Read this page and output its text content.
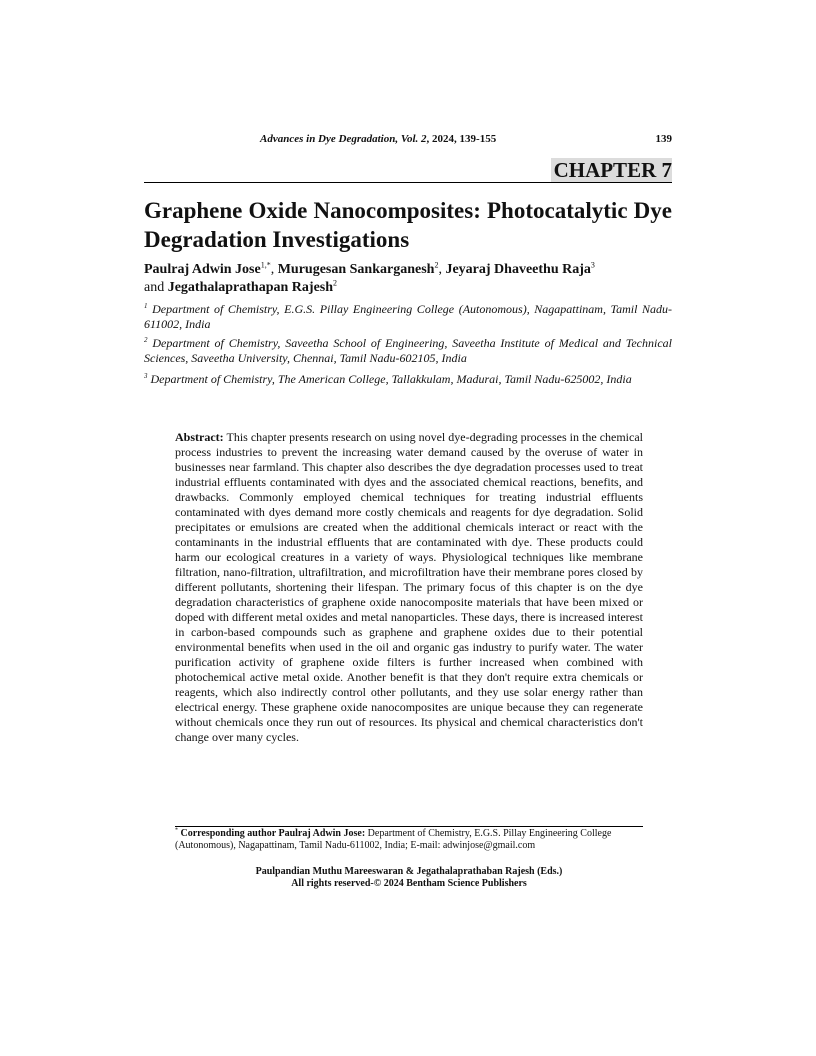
Advances in Dye Degradation, Vol. 2, 2024, 139-155	139
CHAPTER 7
Graphene Oxide Nanocomposites: Photocatalytic Dye Degradation Investigations
Paulraj Adwin Jose$^{1,*}$, Murugesan Sankarganesh$^2$, Jeyaraj Dhaveethu Raja$^3$
and Jegathalaprathapan Rajesh$^2$
$^1$ Department of Chemistry, E.G.S. Pillay Engineering College (Autonomous), Nagapattinam, Tamil Nadu-611002, India
$^2$ Department of Chemistry, Saveetha School of Engineering, Saveetha Institute of Medical and Technical Sciences, Saveetha University, Chennai, Tamil Nadu-602105, India
$^3$ Department of Chemistry, The American College, Tallakkulam, Madurai, Tamil Nadu-625002, India
Abstract: This chapter presents research on using novel dye-degrading processes in the chemical process industries to prevent the increasing water demand caused by the overuse of water in businesses near farmland. This chapter also describes the dye degradation processes used to treat industrial effluents contaminated with dyes and the associated chemical reactions, benefits, and drawbacks. Commonly employed chemical techniques for treating industrial effluents contaminated with dyes demand more costly chemicals and reagents for dye degradation. Solid precipitates or emulsions are created when the additional chemicals interact or react with the contaminants in the industrial effluents that are contaminated with dye. These products could harm our ecological creatures in a variety of ways. Physiological techniques like membrane filtration, nano-filtration, ultrafiltration, and microfiltration have their membrane pores closed by different pollutants, shortening their lifespan. The primary focus of this chapter is on the dye degradation characteristics of graphene oxide nanocomposite materials that have been mixed or doped with different metal oxides and metal nanoparticles. These days, there is increased interest in carbon-based compounds such as graphene and graphene oxides due to their potential environmental benefits when used in the oil and organic gas industry to purify water. The water purification activity of graphene oxide filters is further increased when combined with photochemical active metal oxide. Another benefit is that they don't require extra chemicals or reagents, which also indirectly control other pollutants, and they use solar energy rather than electrical energy. These graphene oxide nanocomposites are unique because they can regenerate without chemicals once they run out of resources. Its physical and chemical characteristics don't change over many cycles.
* Corresponding author Paulraj Adwin Jose: Department of Chemistry, E.G.S. Pillay Engineering College (Autonomous), Nagapattinam, Tamil Nadu-611002, India; E-mail: adwinjose@gmail.com
Paulpandian Muthu Mareeswaran & Jegathalaprathaban Rajesh (Eds.)
All rights reserved-© 2024 Bentham Science Publishers
